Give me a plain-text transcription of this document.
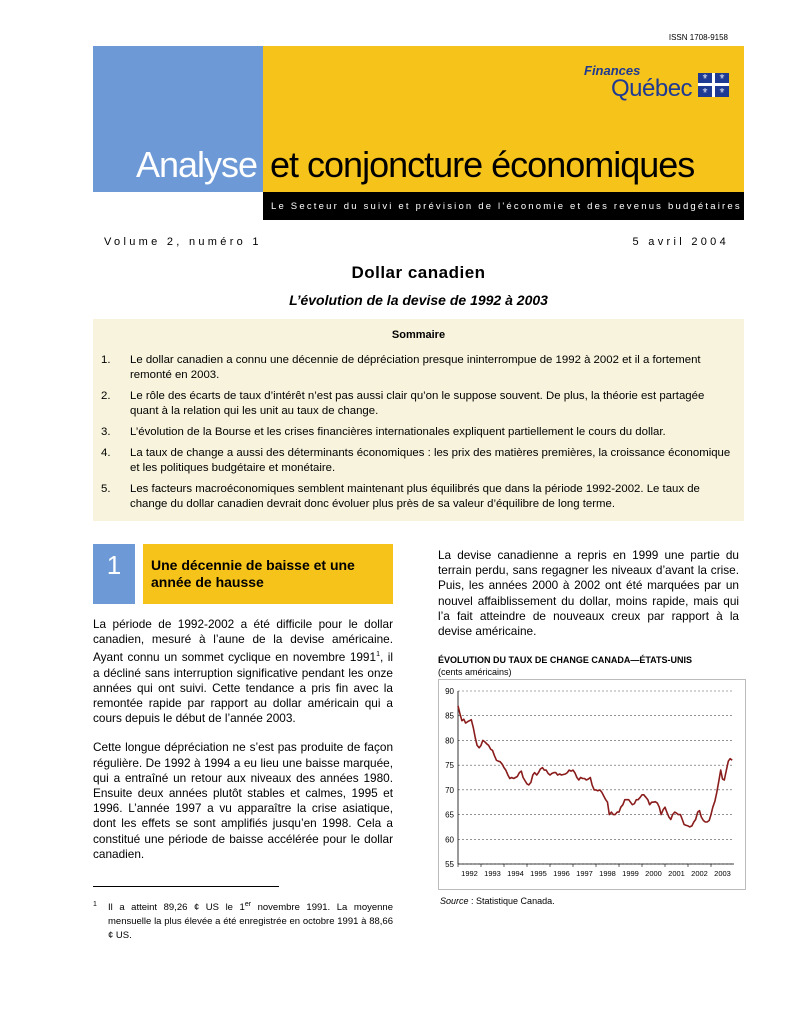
ISSN 1708-9158
Finances
Québec ⚜ ⚜
⚜ ⚜
Analyse et conjoncture économiques
Le Secteur du suivi et prévision de l'économie et des revenus budgétaires
Volume 2, numéro 1	5 avril 2004
Dollar canadien
L’évolution de la devise de 1992 à 2003
Sommaire
1. Le dollar canadien a connu une décennie de dépréciation presque ininterrompue de 1992 à 2002 et il a fortement remonté en 2003.
2. Le rôle des écarts de taux d’intérêt n’est pas aussi clair qu’on le suppose souvent. De plus, la théorie est partagée quant à la relation qui les unit au taux de change.
3. L’évolution de la Bourse et les crises financières internationales expliquent partiellement le cours du dollar.
4. La taux de change a aussi des déterminants économiques : les prix des matières premières, la croissance économique et les politiques budgétaire et monétaire.
5. Les facteurs macroéconomiques semblent maintenant plus équilibrés que dans la période 1992-2002. Le taux de change du dollar canadien devrait donc évoluer plus près de sa valeur d’équilibre de long terme.
1	Une décennie de baisse et une année de hausse

La période de 1992-2002 a été difficile pour le dollar canadien, mesuré à l’aune de la devise américaine. Ayant connu un sommet cyclique en novembre 1991$^1$, il a décliné sans interruption significative pendant les onze années qui ont suivi. Cette tendance a pris fin avec la remontée rapide par rapport au dollar américain qui a cours depuis le début de l’année 2003.

Cette longue dépréciation ne s’est pas produite de façon régulière. De 1992 à 1994 a eu lieu une baisse marquée, qui a entraîné un retour aux niveaux des années 1980. Ensuite deux années plutôt stables et calmes, 1995 et 1996. L’année 1997 a vu apparaître la crise asiatique, dont les effets se sont amplifiés jusqu’en 1998. Cela a constitué une période de baisse accélérée pour le dollar canadien.

La devise canadienne a repris en 1999 une partie du terrain perdu, sans regagner les niveaux d’avant la crise. Puis, les années 2000 à 2002 ont été marquées par un nouvel affaiblissement du dollar, moins rapide, mais qui l’a fait atteindre de nouveaux creux par rapport à la devise américaine.

1 Il a atteint 89,26 ¢ US le 1er novembre 1991. La moyenne mensuelle la plus élevée a été enregistrée en octobre 1991 à 88,66 ¢ US.
ÉVOLUTION DU TAUX DE CHANGE CANADA—ÉTATS-UNIS
(cents américains)
55
60
65
70
75
80
85
90
1992 1993 1994 1995 1996 1997 1998 1999 2000 2001 2002 2003
Source : Statistique Canada.
